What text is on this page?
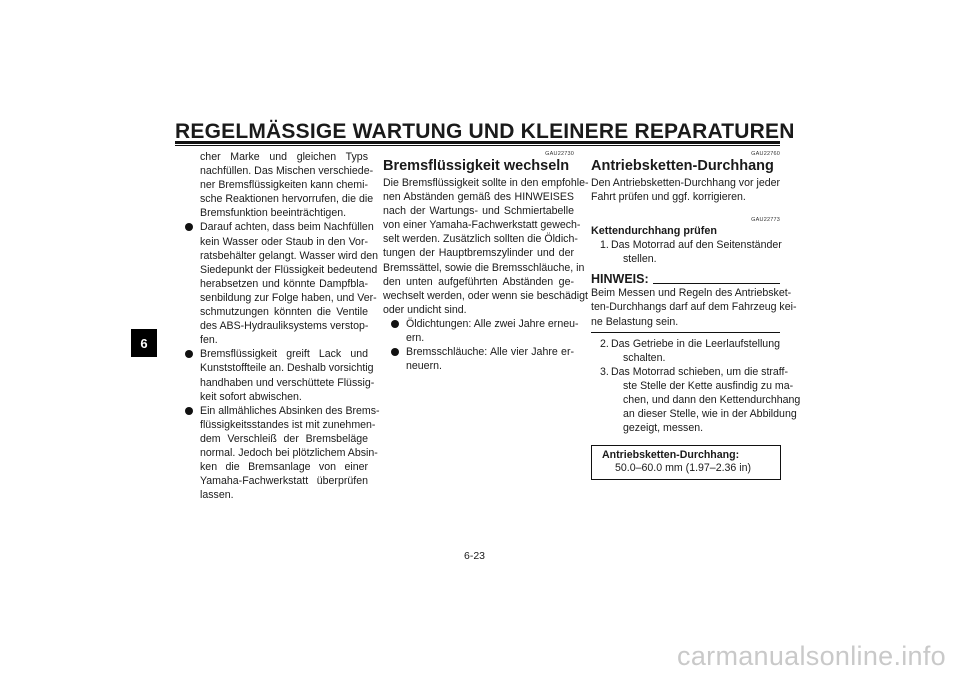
REGELMÄSSIGE WARTUNG UND KLEINERE REPARATUREN
6
cher Marke und gleichen Typs
nachfüllen. Das Mischen verschiede-
ner Bremsflüssigkeiten kann chemi-
sche Reaktionen hervorrufen, die die
Bremsfunktion beeinträchtigen.
Darauf achten, dass beim Nachfüllen
kein Wasser oder Staub in den Vor-
ratsbehälter gelangt. Wasser wird den
Siedepunkt der Flüssigkeit bedeutend
herabsetzen und könnte Dampfbla-
senbildung zur Folge haben, und Ver-
schmutzungen könnten die Ventile
des ABS-Hydrauliksystems verstop-
fen.
Bremsflüssigkeit greift Lack und
Kunststoffteile an. Deshalb vorsichtig
handhaben und verschüttete Flüssig-
keit sofort abwischen.
Ein allmähliches Absinken des Brems-
flüssigkeitsstandes ist mit zunehmen-
dem Verschleiß der Bremsbeläge
normal. Jedoch bei plötzlichem Absin-
ken die Bremsanlage von einer
Yamaha-Fachwerkstatt überprüfen
lassen.
GAU22730
Bremsflüssigkeit wechseln
Die Bremsflüssigkeit sollte in den empfohle-
nen Abständen gemäß des HINWEISES
nach der Wartungs- und Schmiertabelle
von einer Yamaha-Fachwerkstatt gewech-
selt werden. Zusätzlich sollten die Öldich-
tungen der Hauptbremszylinder und der
Bremssättel, sowie die Bremsschläuche, in
den unten aufgeführten Abständen ge-
wechselt werden, oder wenn sie beschädigt
oder undicht sind.
Öldichtungen: Alle zwei Jahre erneu-
ern.
Bremsschläuche: Alle vier Jahre er-
neuern.
GAU22760
Antriebsketten-Durchhang
Den Antriebsketten-Durchhang vor jeder
Fahrt prüfen und ggf. korrigieren.
GAU22773
Kettendurchhang prüfen
1. Das Motorrad auf den Seitenständer
stellen.
HINWEIS:
Beim Messen und Regeln des Antriebsket-
ten-Durchhangs darf auf dem Fahrzeug kei-
ne Belastung sein.
2. Das Getriebe in die Leerlaufstellung
schalten.
3. Das Motorrad schieben, um die straff-
ste Stelle der Kette ausfindig zu ma-
chen, und dann den Kettendurchhang
an dieser Stelle, wie in der Abbildung
gezeigt, messen.
Antriebsketten-Durchhang:
50.0–60.0 mm (1.97–2.36 in)
6-23
carmanualsonline.info
